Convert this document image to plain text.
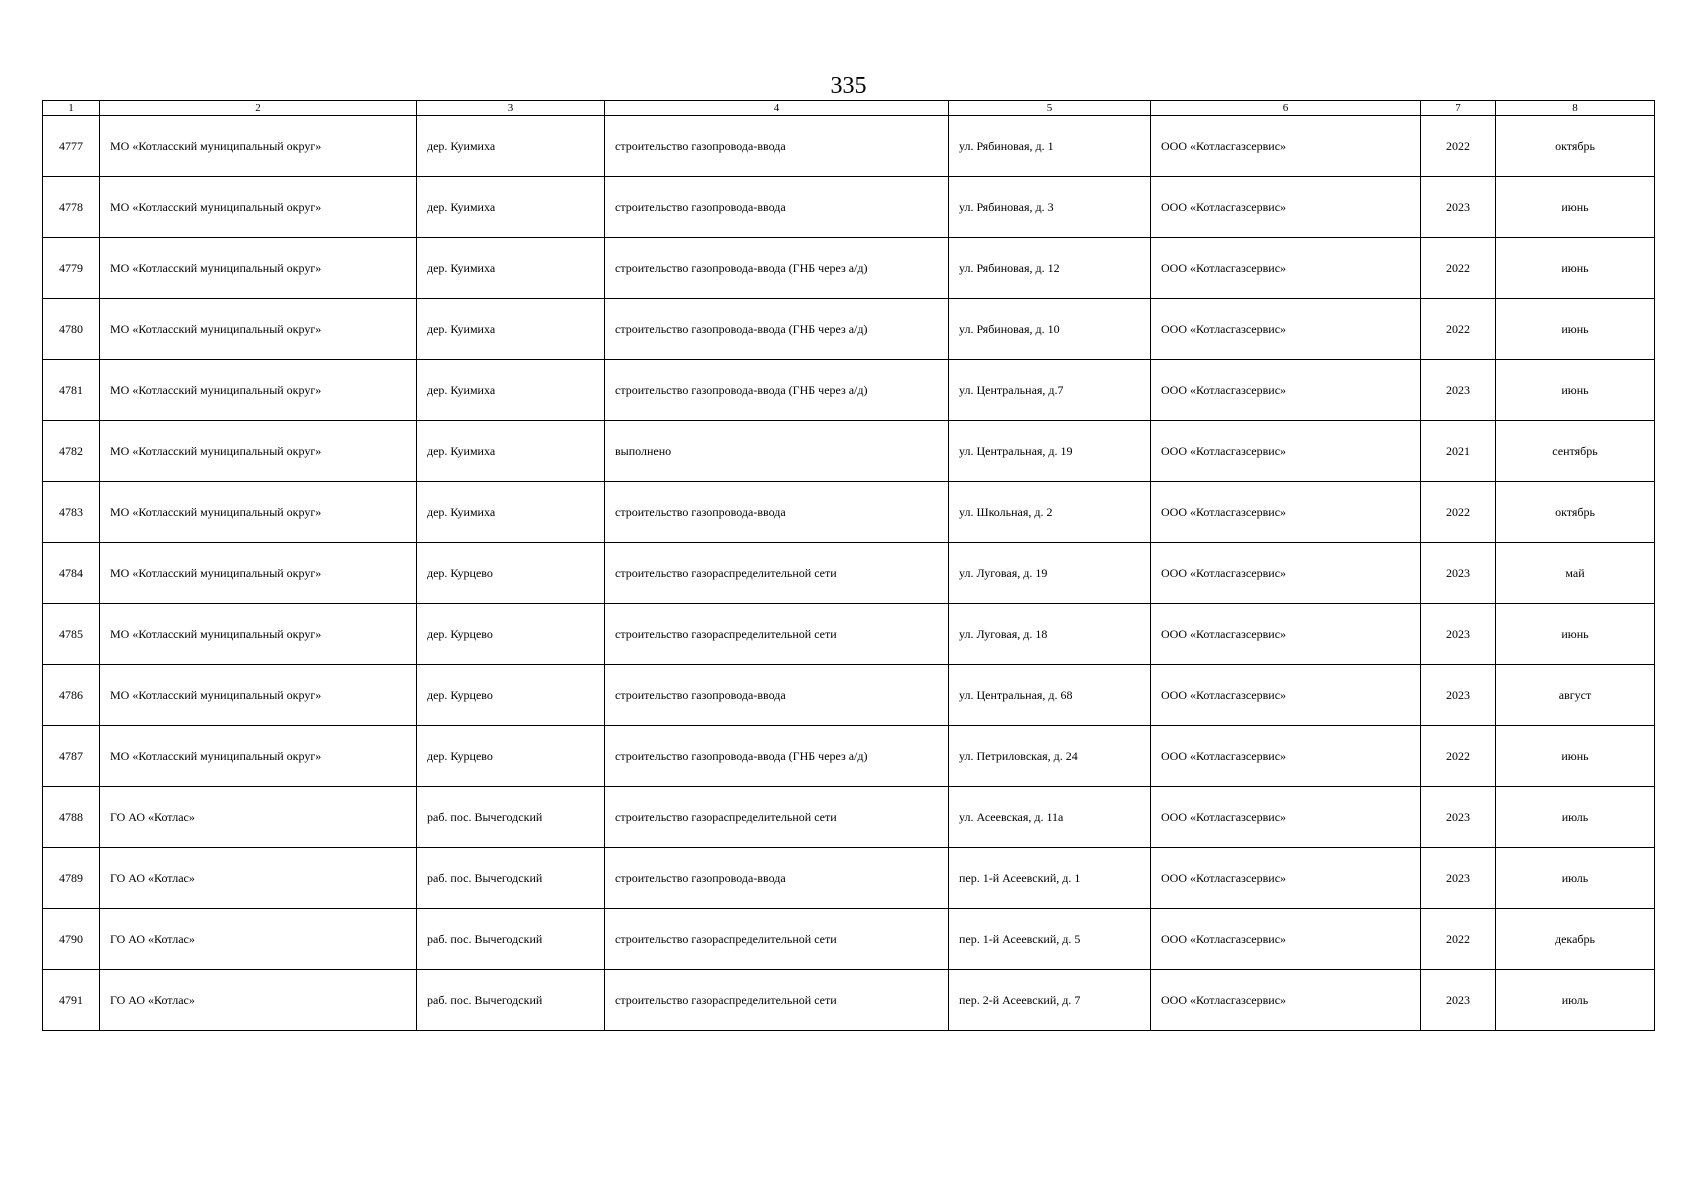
335
1	2	3	4	5	6	7	8
4777	МО «Котласский муниципальный округ»	дер. Куимиха	строительство газопровода-ввода	ул. Рябиновая, д. 1	ООО «Котласгазсервис»	2022	октябрь
4778	МО «Котласский муниципальный округ»	дер. Куимиха	строительство газопровода-ввода	ул. Рябиновая, д. 3	ООО «Котласгазсервис»	2023	июнь
4779	МО «Котласский муниципальный округ»	дер. Куимиха	строительство газопровода-ввода (ГНБ через а/д)	ул. Рябиновая, д. 12	ООО «Котласгазсервис»	2022	июнь
4780	МО «Котласский муниципальный округ»	дер. Куимиха	строительство газопровода-ввода (ГНБ через а/д)	ул. Рябиновая, д. 10	ООО «Котласгазсервис»	2022	июнь
4781	МО «Котласский муниципальный округ»	дер. Куимиха	строительство газопровода-ввода (ГНБ через а/д)	ул. Центральная, д.7	ООО «Котласгазсервис»	2023	июнь
4782	МО «Котласский муниципальный округ»	дер. Куимиха	выполнено	ул. Центральная, д. 19	ООО «Котласгазсервис»	2021	сентябрь
4783	МО «Котласский муниципальный округ»	дер. Куимиха	строительство газопровода-ввода	ул. Школьная, д. 2	ООО «Котласгазсервис»	2022	октябрь
4784	МО «Котласский муниципальный округ»	дер. Курцево	строительство газораспределительной сети	ул. Луговая, д. 19	ООО «Котласгазсервис»	2023	май
4785	МО «Котласский муниципальный округ»	дер. Курцево	строительство газораспределительной сети	ул. Луговая, д. 18	ООО «Котласгазсервис»	2023	июнь
4786	МО «Котласский муниципальный округ»	дер. Курцево	строительство газопровода-ввода	ул. Центральная, д. 68	ООО «Котласгазсервис»	2023	август
4787	МО «Котласский муниципальный округ»	дер. Курцево	строительство газопровода-ввода (ГНБ через а/д)	ул. Петриловская, д. 24	ООО «Котласгазсервис»	2022	июнь
4788	ГО АО «Котлас»	раб. пос. Вычегодский	строительство газораспределительной сети	ул. Асеевская, д. 11а	ООО «Котласгазсервис»	2023	июль
4789	ГО АО «Котлас»	раб. пос. Вычегодский	строительство газопровода-ввода	пер. 1-й Асеевский, д. 1	ООО «Котласгазсервис»	2023	июль
4790	ГО АО «Котлас»	раб. пос. Вычегодский	строительство газораспределительной сети	пер. 1-й Асеевский, д. 5	ООО «Котласгазсервис»	2022	декабрь
4791	ГО АО «Котлас»	раб. пос. Вычегодский	строительство газораспределительной сети	пер. 2-й Асеевский, д. 7	ООО «Котласгазсервис»	2023	июль
